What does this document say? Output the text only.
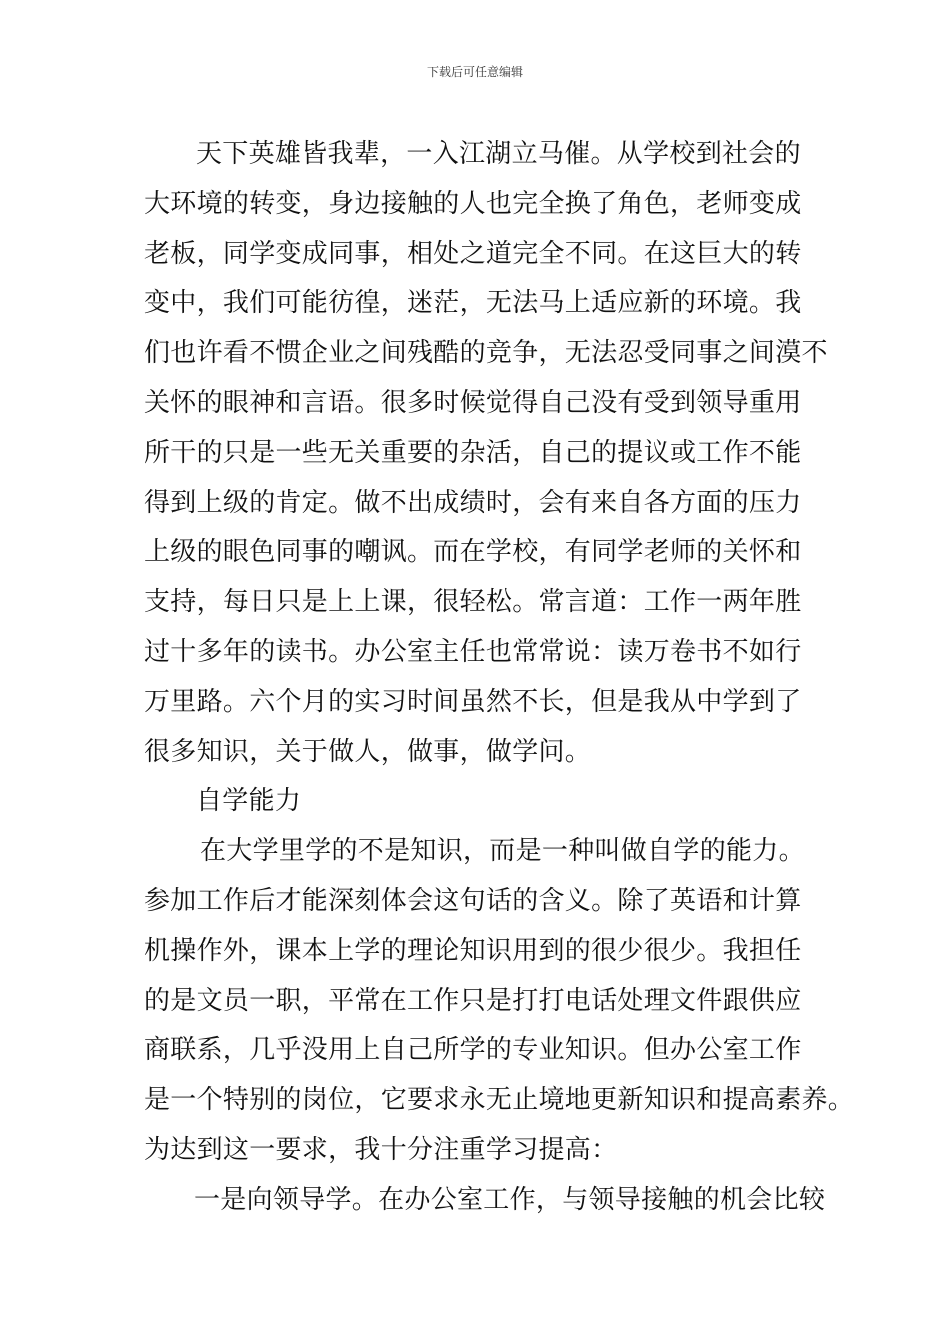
下载后可任意编辑
天下英雄皆我辈，一入江湖立马催。从学校到社会的
大环境的转变，身边接触的人也完全换了角色，老师变成
老板，同学变成同事，相处之道完全不同。在这巨大的转
变中，我们可能彷徨，迷茫，无法马上适应新的环境。我
们也许看不惯企业之间残酷的竞争，无法忍受同事之间漠不
关怀的眼神和言语。很多时候觉得自己没有受到领导重用
所干的只是一些无关重要的杂活，自己的提议或工作不能
得到上级的肯定。做不出成绩时，会有来自各方面的压力
上级的眼色同事的嘲讽。而在学校，有同学老师的关怀和
支持，每日只是上上课，很轻松。常言道：工作一两年胜
过十多年的读书。办公室主任也常常说：读万卷书不如行
万里路。六个月的实习时间虽然不长，但是我从中学到了
很多知识，关于做人，做事，做学问。
自学能力
在大学里学的不是知识，而是一种叫做自学的能力。
参加工作后才能深刻体会这句话的含义。除了英语和计算
机操作外，课本上学的理论知识用到的很少很少。我担任
的是文员一职，平常在工作只是打打电话处理文件跟供应
商联系，几乎没用上自己所学的专业知识。但办公室工作
是一个特别的岗位，它要求永无止境地更新知识和提高素养。
为达到这一要求，我十分注重学习提高：
一是向领导学。在办公室工作，与领导接触的机会比较
